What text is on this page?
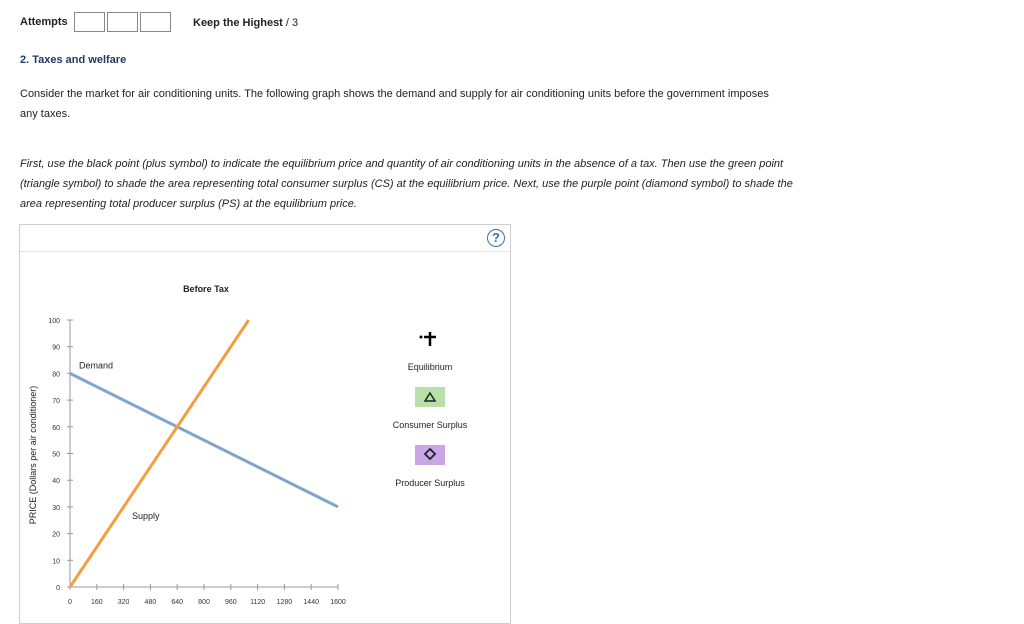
Attempts	Keep the Highest / 3
2. Taxes and welfare
Consider the market for air conditioning units. The following graph shows the demand and supply for air conditioning units before the government imposes any taxes.
First, use the black point (plus symbol) to indicate the equilibrium price and quantity of air conditioning units in the absence of a tax. Then use the green point (triangle symbol) to shade the area representing total consumer surplus (CS) at the equilibrium price. Next, use the purple point (diamond symbol) to shade the area representing total producer surplus (PS) at the equilibrium price.
?
Before Tax
PRICE (Dollars per air conditioner)
0
10
20
30
40
50
60
70
80
90
100
0	160 320 480 640 800 960 1120 1280 1440 1600
Demand
Supply
Equilibrium
Consumer Surplus
Producer Surplus
